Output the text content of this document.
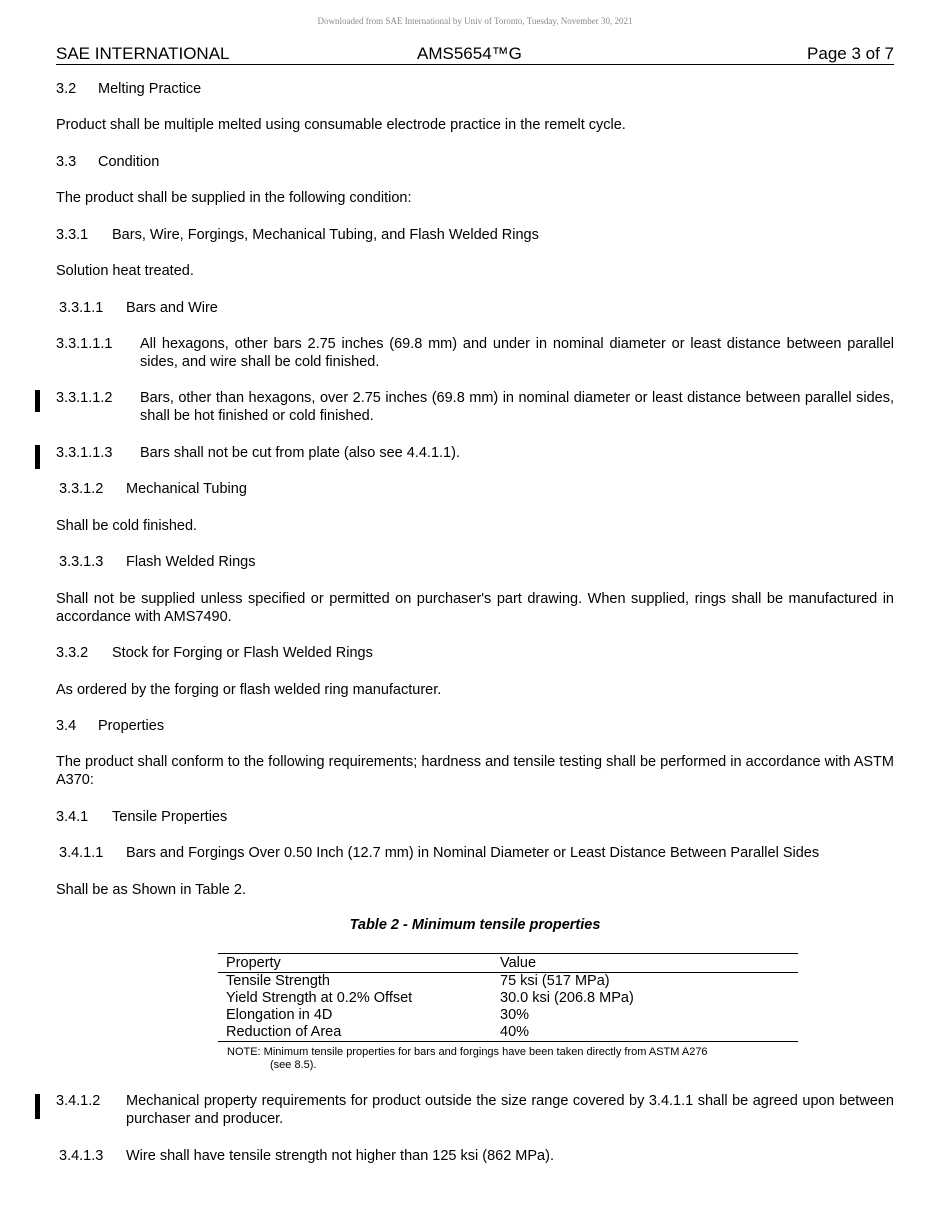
Downloaded from SAE International by Univ of Toronto, Tuesday, November 30, 2021
SAE INTERNATIONAL	AMS5654™G	Page 3 of 7
3.2 Melting Practice
Product shall be multiple melted using consumable electrode practice in the remelt cycle.
3.3 Condition
The product shall be supplied in the following condition:
3.3.1 Bars, Wire, Forgings, Mechanical Tubing, and Flash Welded Rings
Solution heat treated.
3.3.1.1 Bars and Wire
3.3.1.1.1 All hexagons, other bars 2.75 inches (69.8 mm) and under in nominal diameter or least distance between parallel sides, and wire shall be cold finished.
3.3.1.1.2 Bars, other than hexagons, over 2.75 inches (69.8 mm) in nominal diameter or least distance between parallel sides, shall be hot finished or cold finished.
3.3.1.1.3 Bars shall not be cut from plate (also see 4.4.1.1).
3.3.1.2 Mechanical Tubing
Shall be cold finished.
3.3.1.3 Flash Welded Rings
Shall not be supplied unless specified or permitted on purchaser's part drawing. When supplied, rings shall be manufactured in accordance with AMS7490.
3.3.2 Stock for Forging or Flash Welded Rings
As ordered by the forging or flash welded ring manufacturer.
3.4 Properties
The product shall conform to the following requirements; hardness and tensile testing shall be performed in accordance with ASTM A370:
3.4.1 Tensile Properties
3.4.1.1 Bars and Forgings Over 0.50 Inch (12.7 mm) in Nominal Diameter or Least Distance Between Parallel Sides
Shall be as Shown in Table 2.
Table 2 - Minimum tensile properties
Property	Value
Tensile Strength	75 ksi (517 MPa)
Yield Strength at 0.2% Offset	30.0 ksi (206.8 MPa)
Elongation in 4D	30%
Reduction of Area	40%
NOTE: Minimum tensile properties for bars and forgings have been taken directly from ASTM A276
(see 8.5).
3.4.1.2 Mechanical property requirements for product outside the size range covered by 3.4.1.1 shall be agreed upon between purchaser and producer.
3.4.1.3 Wire shall have tensile strength not higher than 125 ksi (862 MPa).
